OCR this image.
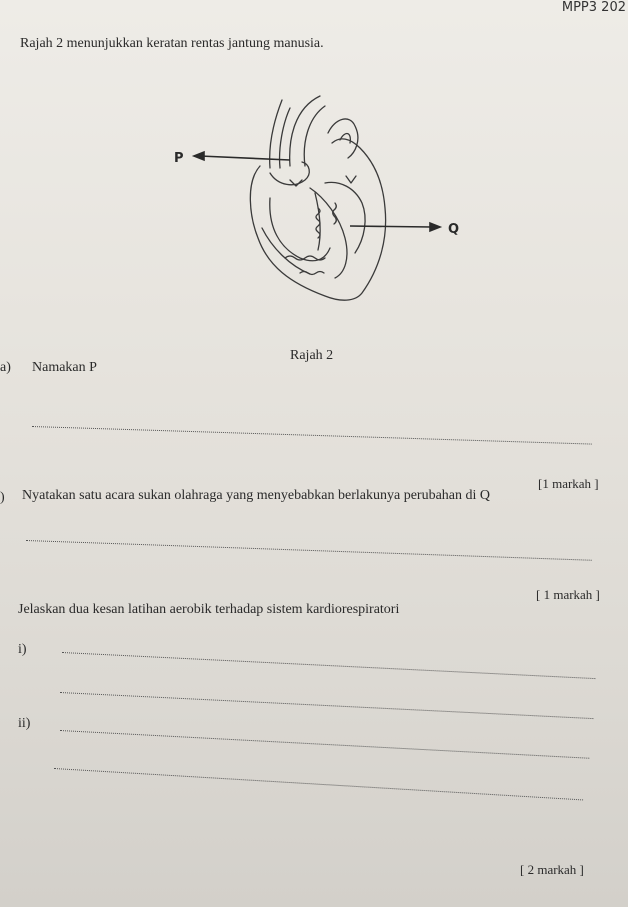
MPP3 202
Rajah 2 menunjukkan keratan rentas jantung manusia.
P
Q
Rajah 2
a) Namakan P
[1 markah ]
) Nyatakan satu acara sukan olahraga yang menyebabkan berlakunya perubahan di Q
[ 1 markah ]
Jelaskan dua kesan latihan aerobik terhadap sistem kardiorespiratori
i)
ii)
[ 2 markah ]
